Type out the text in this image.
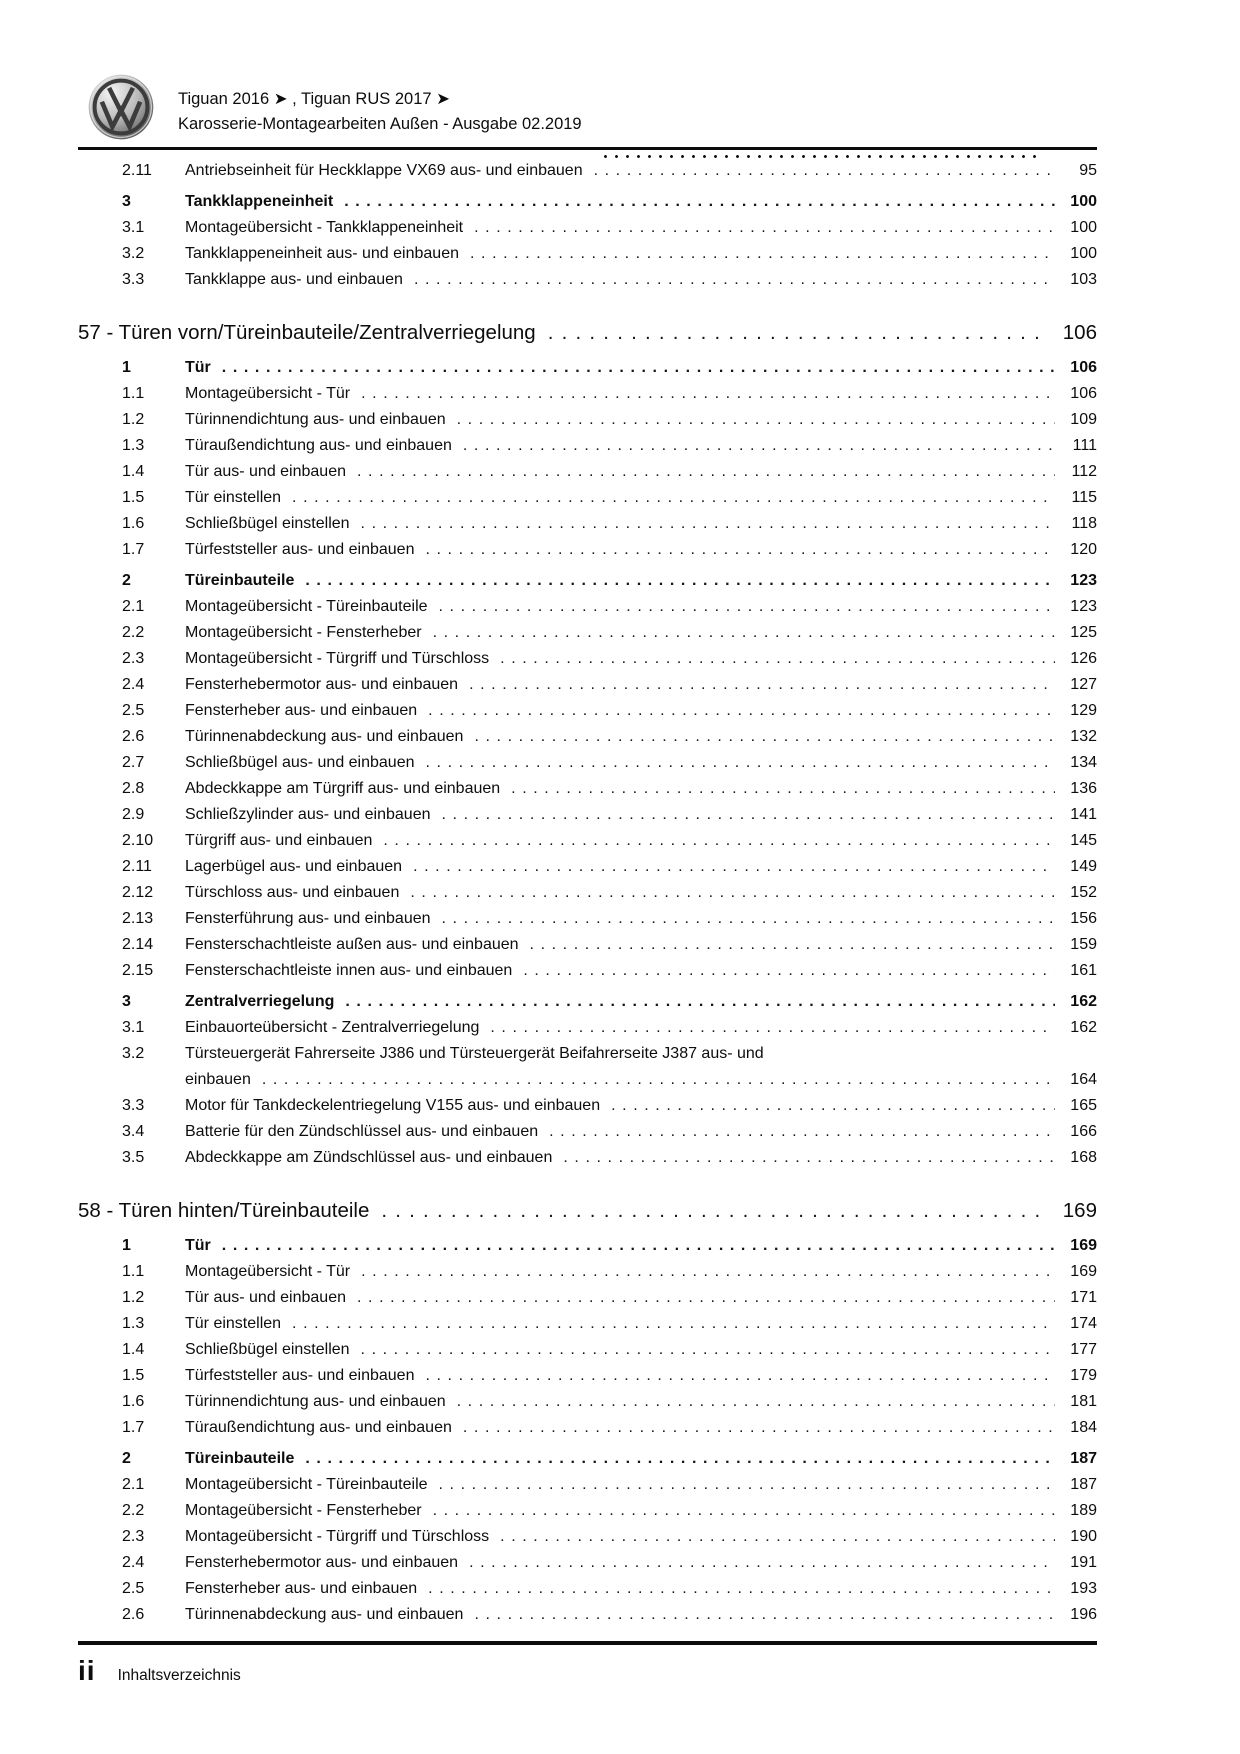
Tiguan 2016 ➤ , Tiguan RUS 2017 ➤
Karosserie-Montagearbeiten Außen - Ausgabe 02.2019
2.11	Antriebseinheit für Heckklappe VX69 aus- und einbauen .....	95
3	Tankklappeneinheit .....	100
3.1	Montageübersicht - Tankklappeneinheit .....	100
3.2	Tankklappeneinheit aus- und einbauen .....	100
3.3	Tankklappe aus- und einbauen .....	103
57 - Türen vorn/Türeinbauteile/Zentralverriegelung .....	106
1	Tür .....	106
1.1	Montageübersicht - Tür .....	106
1.2	Türinnendichtung aus- und einbauen .....	109
1.3	Türaußendichtung aus- und einbauen .....	111
1.4	Tür aus- und einbauen .....	112
1.5	Tür einstellen .....	115
1.6	Schließbügel einstellen .....	118
1.7	Türfeststeller aus- und einbauen .....	120
2	Türeinbauteile .....	123
2.1	Montageübersicht - Türeinbauteile .....	123
2.2	Montageübersicht - Fensterheber .....	125
2.3	Montageübersicht - Türgriff und Türschloss .....	126
2.4	Fensterhebermotor aus- und einbauen .....	127
2.5	Fensterheber aus- und einbauen .....	129
2.6	Türinnenabdeckung aus- und einbauen .....	132
2.7	Schließbügel aus- und einbauen .....	134
2.8	Abdeckkappe am Türgriff aus- und einbauen .....	136
2.9	Schließzylinder aus- und einbauen .....	141
2.10	Türgriff aus- und einbauen .....	145
2.11	Lagerbügel aus- und einbauen .....	149
2.12	Türschloss aus- und einbauen .....	152
2.13	Fensterführung aus- und einbauen .....	156
2.14	Fensterschachtleiste außen aus- und einbauen .....	159
2.15	Fensterschachtleiste innen aus- und einbauen .....	161
3	Zentralverriegelung .....	162
3.1	Einbauorteübersicht - Zentralverriegelung .....	162
3.2	Türsteuergerät Fahrerseite J386 und Türsteuergerät Beifahrerseite J387 aus- und
einbauen .....	164
3.3	Motor für Tankdeckelentriegelung V155 aus- und einbauen .....	165
3.4	Batterie für den Zündschlüssel aus- und einbauen .....	166
3.5	Abdeckkappe am Zündschlüssel aus- und einbauen .....	168
58 - Türen hinten/Türeinbauteile .....	169
1	Tür .....	169
1.1	Montageübersicht - Tür .....	169
1.2	Tür aus- und einbauen .....	171
1.3	Tür einstellen .....	174
1.4	Schließbügel einstellen .....	177
1.5	Türfeststeller aus- und einbauen .....	179
1.6	Türinnendichtung aus- und einbauen .....	181
1.7	Türaußendichtung aus- und einbauen .....	184
2	Türeinbauteile .....	187
2.1	Montageübersicht - Türeinbauteile .....	187
2.2	Montageübersicht - Fensterheber .....	189
2.3	Montageübersicht - Türgriff und Türschloss .....	190
2.4	Fensterhebermotor aus- und einbauen .....	191
2.5	Fensterheber aus- und einbauen .....	193
2.6	Türinnenabdeckung aus- und einbauen .....	196
ii Inhaltsverzeichnis
